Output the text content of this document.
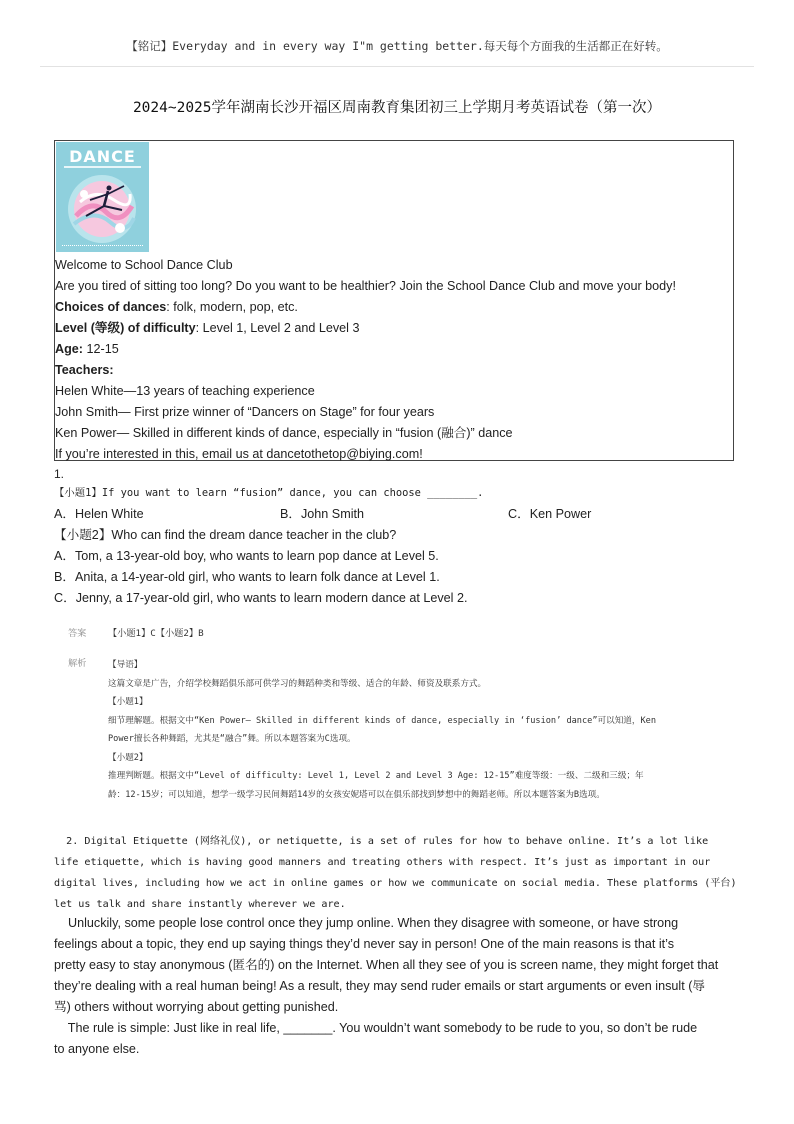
【铭记】Everyday and in every way I"m getting better.每天每个方面我的生活都正在好转。
2024~2025学年湖南长沙开福区周南教育集团初三上学期月考英语试卷（第一次）
DANCE
Welcome to School Dance Club
Are you tired of sitting too long? Do you want to be healthier? Join the School Dance Club and move your body!
Choices of dances: folk, modern, pop, etc.
Level (等级) of difficulty: Level 1, Level 2 and Level 3
Age: 12-15
Teachers:
Helen White—13 years of teaching experience
John Smith— First prize winner of “Dancers on Stage” for four years
Ken Power— Skilled in different kinds of dance, especially in “fusion (融合)” dance
If you’re interested in this, email us at dancetothetop@biying.com!
1.
【小题1】If you want to learn “fusion” dance, you can choose ________.
A．Helen White	B．John Smith	C．Ken Power
【小题2】Who can find the dream dance teacher in the club?
A．Tom, a 13-year-old boy, who wants to learn pop dance at Level 5.
B．Anita, a 14-year-old girl, who wants to learn folk dance at Level 1.
C．Jenny, a 17-year-old girl, who wants to learn modern dance at Level 2.
答案 【小题1】C【小题2】B
解析	【导语】
这篇文章是广告，介绍学校舞蹈俱乐部可供学习的舞蹈种类和等级、适合的年龄、师资及联系方式。
【小题1】
细节理解题。根据文中“Ken Power— Skilled in different kinds of dance, especially in ‘fusion’ dance”可以知道，Ken
Power擅长各种舞蹈，尤其是“融合”舞。所以本题答案为C选项。
【小题2】
推理判断题。根据文中“Level of difficulty: Level 1, Level 2 and Level 3 Age: 12-15”难度等级：一级、二级和三级；年
龄：12-15岁；可以知道，想学一级学习民间舞蹈14岁的女孩安妮塔可以在俱乐部找到梦想中的舞蹈老师。所以本题答案为B选项。
2. Digital Etiquette (网络礼仪), or netiquette, is a set of rules for how to behave online. It’s a lot like
life etiquette, which is having good manners and treating others with respect. It’s just as important in our
digital lives, including how we act in online games or how we communicate on social media. These platforms (平台)
let us talk and share instantly wherever we are.
Unluckily, some people lose control once they jump online. When they disagree with someone, or have strong
feelings about a topic, they end up saying things they’d never say in person! One of the main reasons is that it’s
pretty easy to stay anonymous (匿名的) on the Internet. When all they see of you is screen name, they might forget that
they’re dealing with a real human being! As a result, they may send ruder emails or start arguments or even insult (辱
骂) others without worrying about getting punished.
The rule is simple: Just like in real life, _______. You wouldn’t want somebody to be rude to you, so don’t be rude
to anyone else.
